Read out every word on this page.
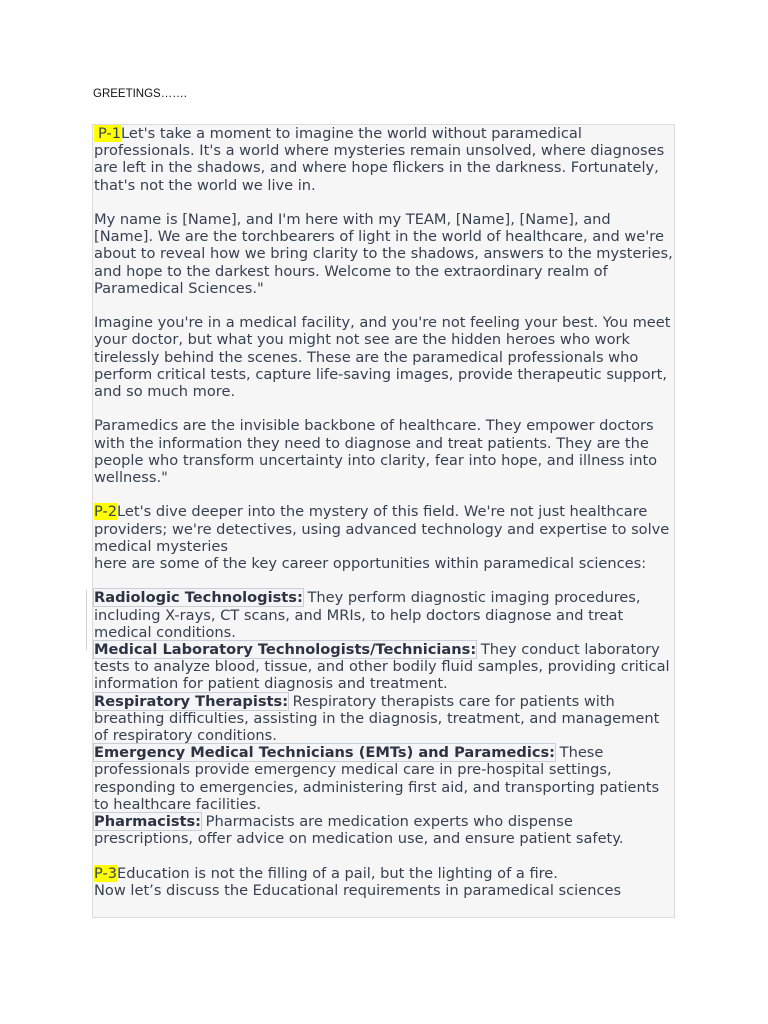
GREETINGS…….

P-1Let's take a moment to imagine the world without paramedical professionals. It's a world where mysteries remain unsolved, where diagnoses are left in the shadows, and where hope flickers in the darkness. Fortunately, that's not the world we live in.

My name is [Name], and I'm here with my TEAM, [Name], [Name], and [Name]. We are the torchbearers of light in the world of healthcare, and we're about to reveal how we bring clarity to the shadows, answers to the mysteries, and hope to the darkest hours. Welcome to the extraordinary realm of Paramedical Sciences."

Imagine you're in a medical facility, and you're not feeling your best. You meet your doctor, but what you might not see are the hidden heroes who work tirelessly behind the scenes. These are the paramedical professionals who perform critical tests, capture life-saving images, provide therapeutic support, and so much more.

Paramedics are the invisible backbone of healthcare. They empower doctors with the information they need to diagnose and treat patients. They are the people who transform uncertainty into clarity, fear into hope, and illness into wellness."

P-2Let's dive deeper into the mystery of this field. We're not just healthcare providers; we're detectives, using advanced technology and expertise to solve medical mysteries

here are some of the key career opportunities within paramedical sciences:

Radiologic Technologists: They perform diagnostic imaging procedures, including X-rays, CT scans, and MRIs, to help doctors diagnose and treat medical conditions.

Medical Laboratory Technologists/Technicians: They conduct laboratory tests to analyze blood, tissue, and other bodily fluid samples, providing critical information for patient diagnosis and treatment.

Respiratory Therapists: Respiratory therapists care for patients with breathing difficulties, assisting in the diagnosis, treatment, and management of respiratory conditions.

Emergency Medical Technicians (EMTs) and Paramedics: These professionals provide emergency medical care in pre-hospital settings, responding to emergencies, administering first aid, and transporting patients to healthcare facilities.

Pharmacists: Pharmacists are medication experts who dispense prescriptions, offer advice on medication use, and ensure patient safety.

P-3Education is not the filling of a pail, but the lighting of a fire.

Now let’s discuss the Educational requirements in paramedical sciences
